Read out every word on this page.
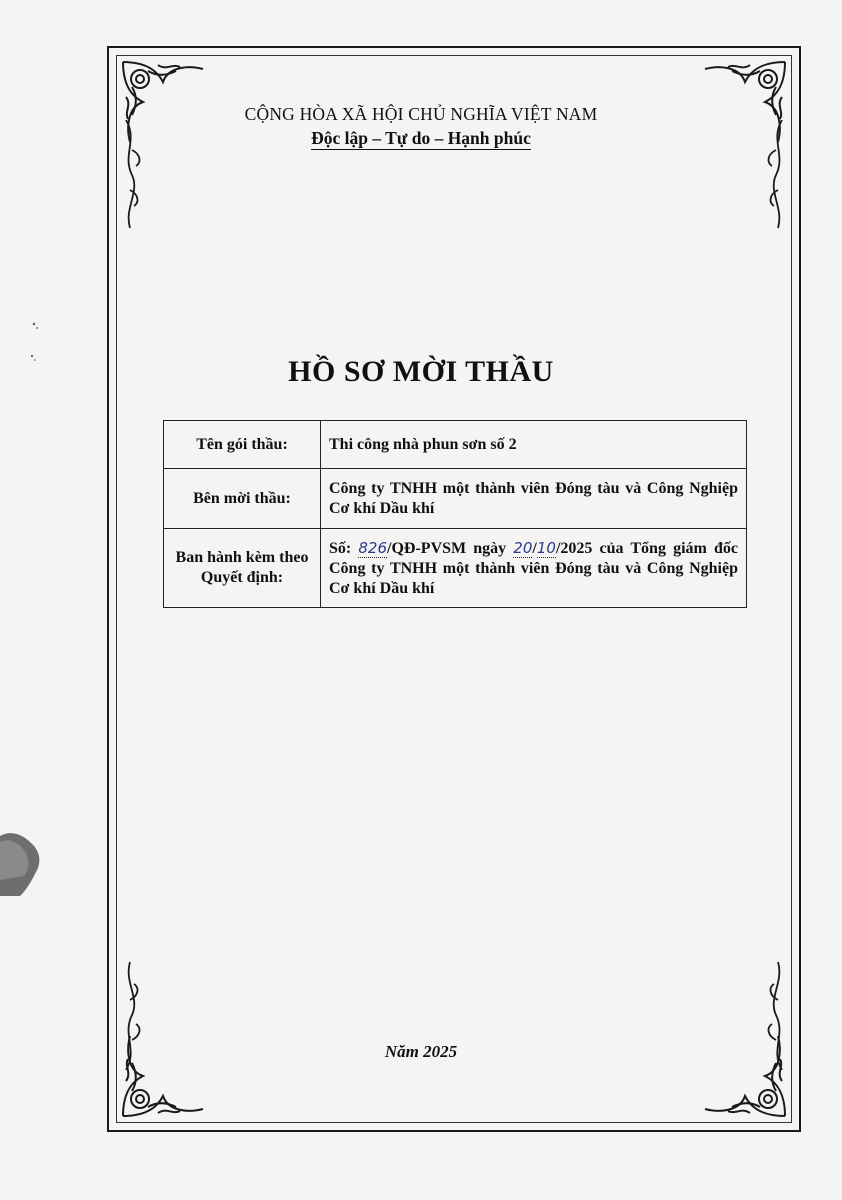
CỘNG HÒA XÃ HỘI CHỦ NGHĨA VIỆT NAM
Độc lập – Tự do – Hạnh phúc
HỒ SƠ MỜI THẦU
Tên gói thầu:	Thi công nhà phun sơn số 2
Bên mời thầu:	Công ty TNHH một thành viên Đóng tàu và Công Nghiệp Cơ khí Dầu khí
Ban hành kèm theo Quyết định:	Số: 826/QĐ-PVSM ngày 20/10/2025 của Tổng giám đốc Công ty TNHH một thành viên Đóng tàu và Công Nghiệp Cơ khí Dầu khí
Năm 2025
